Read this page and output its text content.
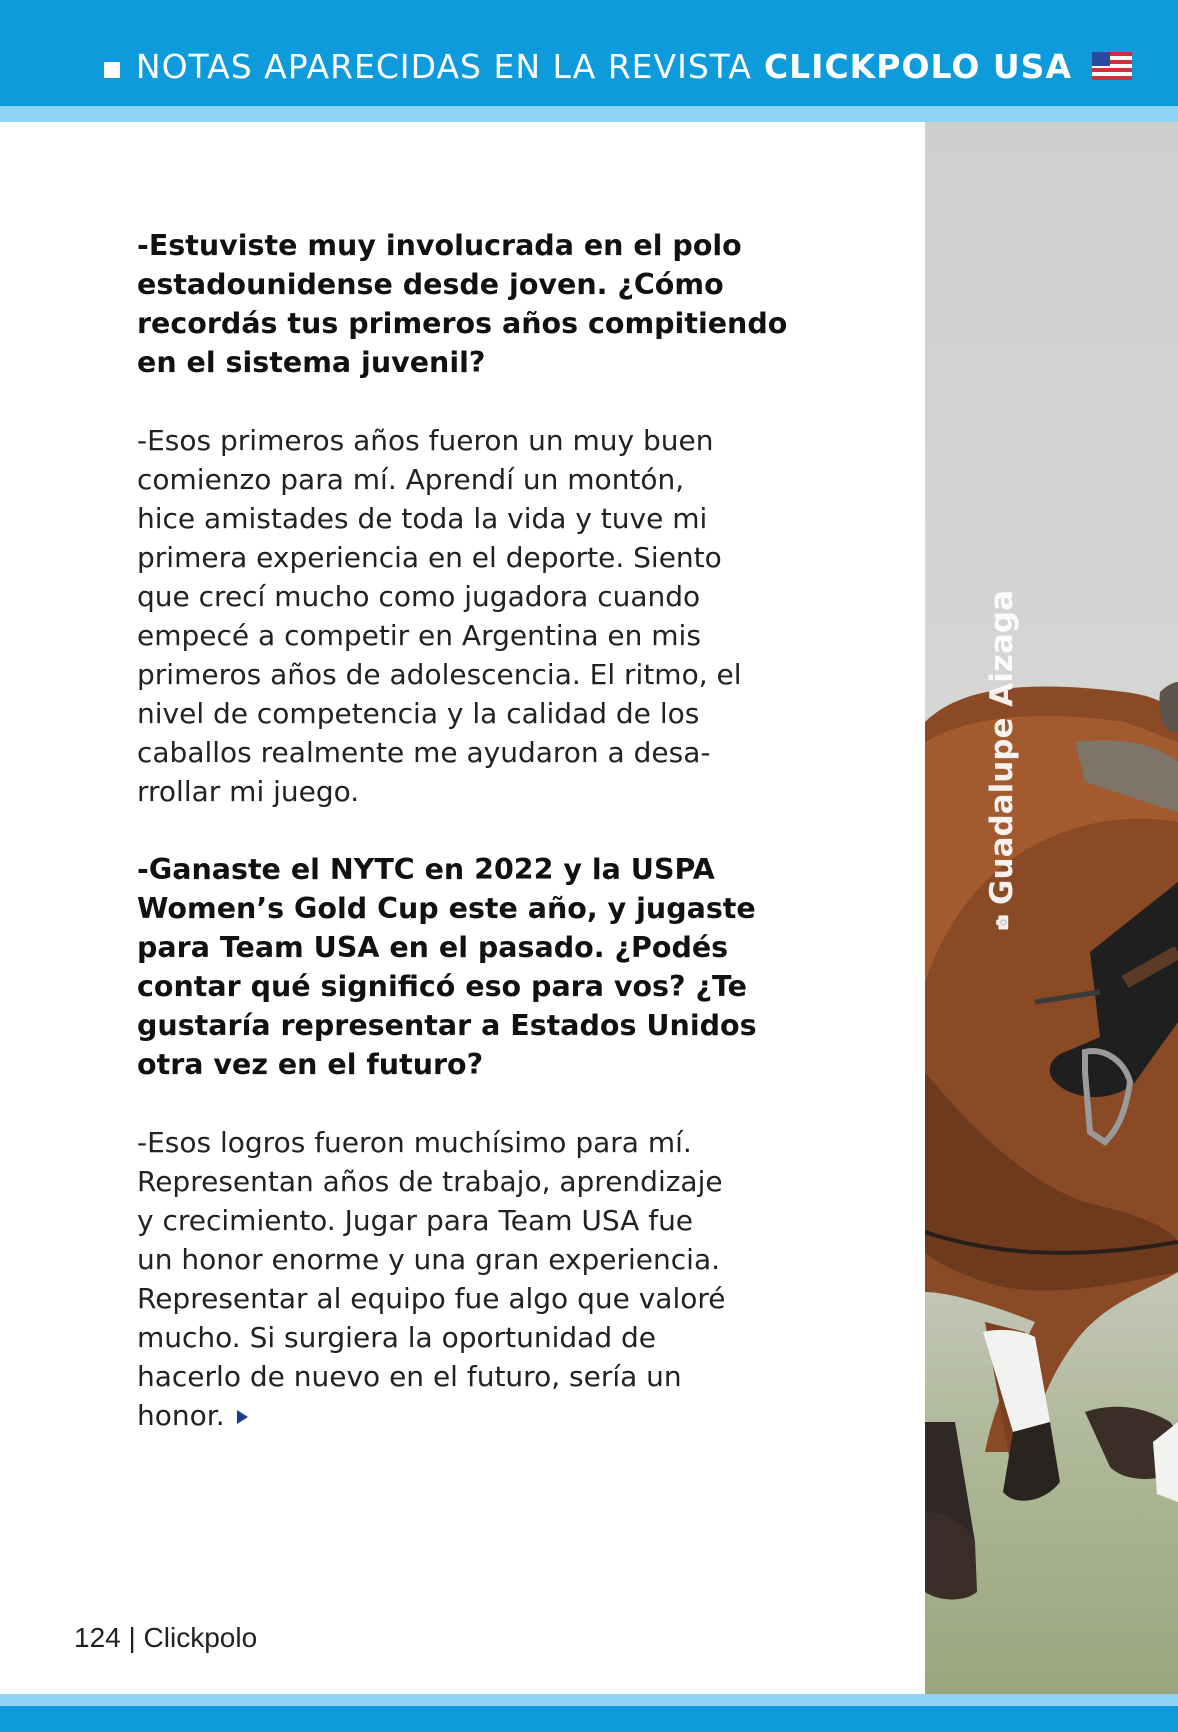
NOTAS APARECIDAS EN LA REVISTA CLICKPOLO USA

-Estuviste muy involucrada en el polo
estadounidense desde joven. ¿Cómo
recordás tus primeros años compitiendo
en el sistema juvenil?

-Esos primeros años fueron un muy buen
comienzo para mí. Aprendí un montón,
hice amistades de toda la vida y tuve mi
primera experiencia en el deporte. Siento
que crecí mucho como jugadora cuando
empecé a competir en Argentina en mis
primeros años de adolescencia. El ritmo, el
nivel de competencia y la calidad de los
caballos realmente me ayudaron a desa-
rrollar mi juego.

-Ganaste el NYTC en 2022 y la USPA
Women’s Gold Cup este año, y jugaste
para Team USA en el pasado. ¿Podés
contar qué significó eso para vos? ¿Te
gustaría representar a Estados Unidos
otra vez en el futuro?

-Esos logros fueron muchísimo para mí.
Representan años de trabajo, aprendizaje
y crecimiento. Jugar para Team USA fue
un honor enorme y una gran experiencia.
Representar al equipo fue algo que valoré
mucho. Si surgiera la oportunidad de
hacerlo de nuevo en el futuro, sería un
honor.

Guadalupe Aizaga
124 | Clickpolo
